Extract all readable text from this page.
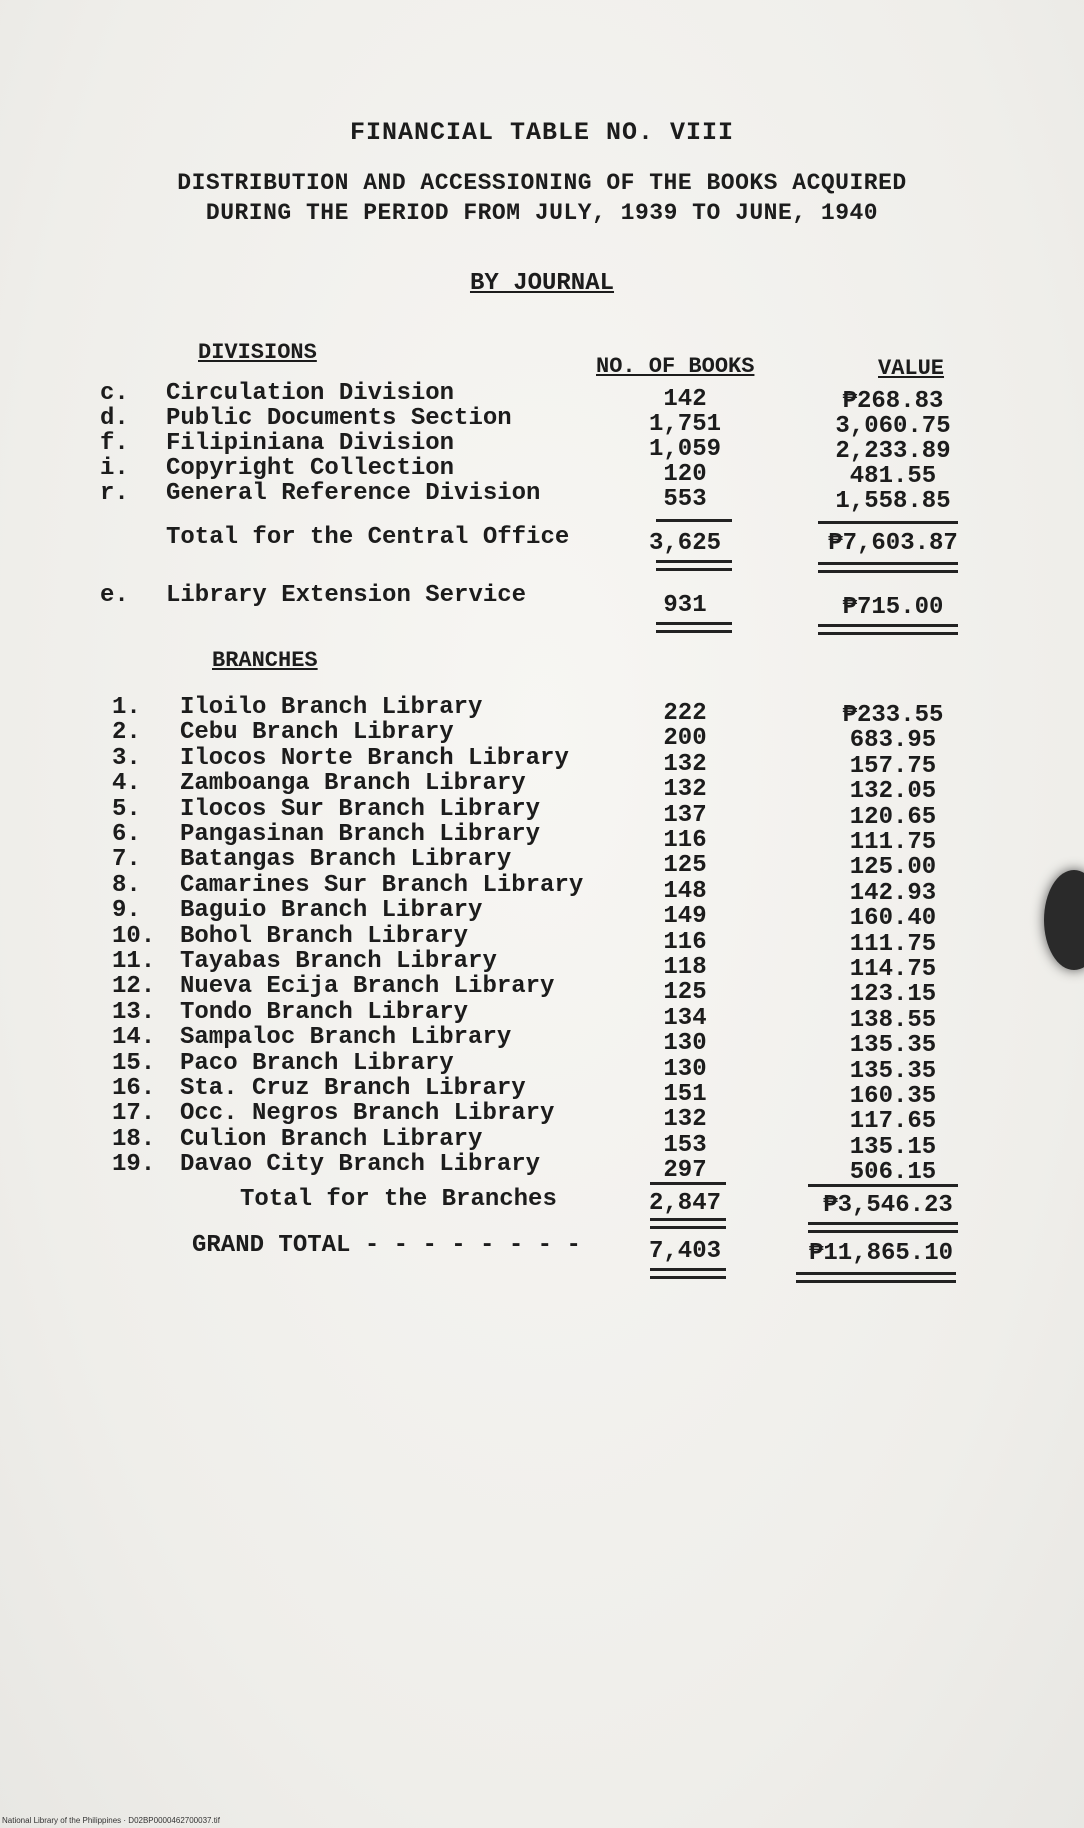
FINANCIAL TABLE NO. VIII
DISTRIBUTION AND ACCESSIONING OF THE BOOKS ACQUIRED
DURING THE PERIOD FROM JULY, 1939 TO JUNE, 1940
BY JOURNAL
DIVISIONS
NO. OF BOOKS	VALUE
c. Circulation Division	142	₱268.83
d. Public Documents Section	1,751	3,060.75
f. Filipiniana Division	1,059	2,233.89
i. Copyright Collection	120	481.55
r. General Reference Division	553	1,558.85
Total for the Central Office	3,625	₱7,603.87
e. Library Extension Service	931	₱715.00
BRANCHES
1.	Iloilo Branch Library	222	₱233.55
2.	Cebu Branch Library	200	683.95
3.	Ilocos Norte Branch Library	132	157.75
4.	Zamboanga Branch Library	132	132.05
5.	Ilocos Sur Branch Library	137	120.65
6.	Pangasinan Branch Library	116	111.75
7.	Batangas Branch Library	125	125.00
8.	Camarines Sur Branch Library	148	142.93
9.	Baguio Branch Library	149	160.40
10.	Bohol Branch Library	116	111.75
11.	Tayabas Branch Library	118	114.75
12.	Nueva Ecija Branch Library	125	123.15
13.	Tondo Branch Library	134	138.55
14.	Sampaloc Branch Library	130	135.35
15.	Paco Branch Library	130	135.35
16.	Sta. Cruz Branch Library	151	160.35
17.	Occ. Negros Branch Library	132	117.65
18.	Culion Branch Library	153	135.15
19.	Davao City Branch Library	297	506.15
Total for the Branches	2,847	₱3,546.23
GRAND TOTAL - - - - - - - -	7,403	₱11,865.10
National Library of the Philippines · D02BP0000462700037.tif
